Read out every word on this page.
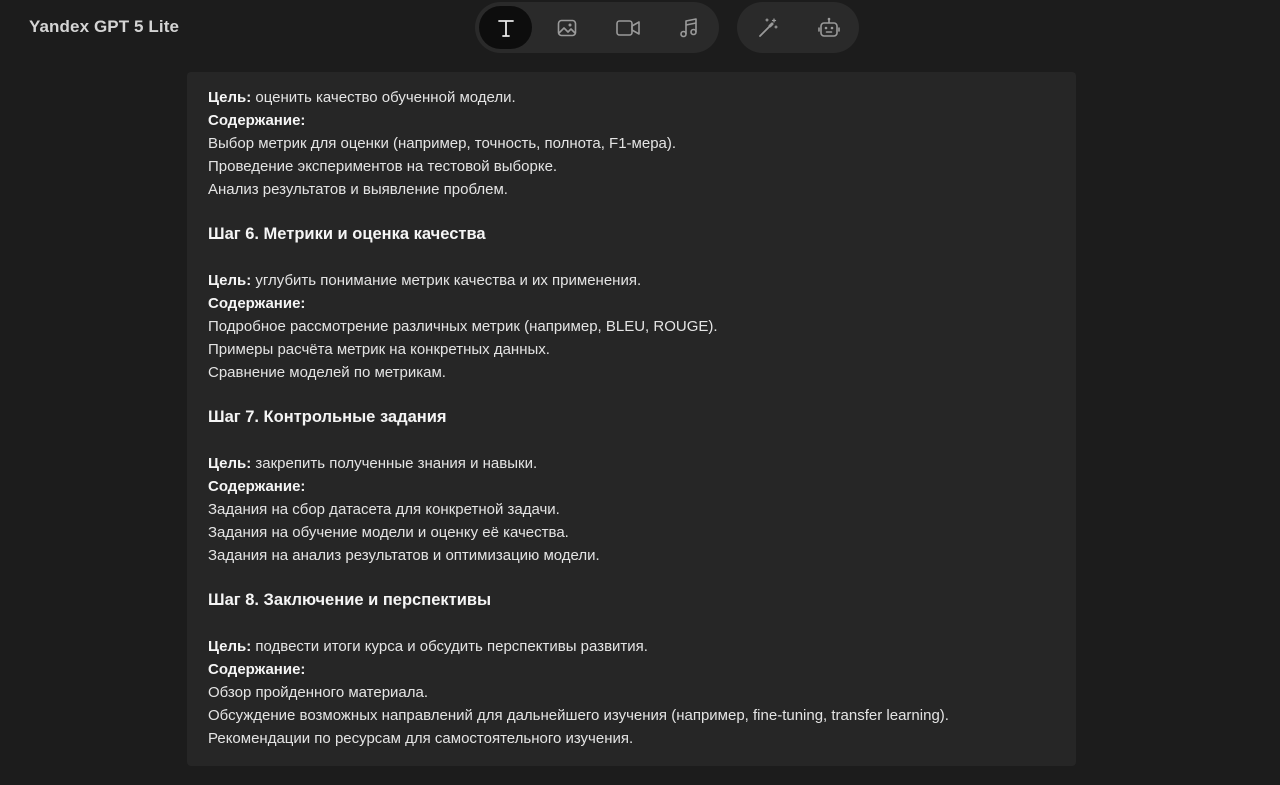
Yandex GPT 5 Lite

Цель: оценить качество обученной модели.

Содержание:

Выбор метрик для оценки (например, точность, полнота, F1-мера).

Проведение экспериментов на тестовой выборке.

Анализ результатов и выявление проблем.

Шаг 6. Метрики и оценка качества

Цель: углубить понимание метрик качества и их применения.

Содержание:

Подробное рассмотрение различных метрик (например, BLEU, ROUGE).

Примеры расчёта метрик на конкретных данных.

Сравнение моделей по метрикам.

Шаг 7. Контрольные задания

Цель: закрепить полученные знания и навыки.

Содержание:

Задания на сбор датасета для конкретной задачи.

Задания на обучение модели и оценку её качества.

Задания на анализ результатов и оптимизацию модели.

Шаг 8. Заключение и перспективы

Цель: подвести итоги курса и обсудить перспективы развития.

Содержание:

Обзор пройденного материала.

Обсуждение возможных направлений для дальнейшего изучения (например, fine-tuning, transfer learning).

Рекомендации по ресурсам для самостоятельного изучения.
